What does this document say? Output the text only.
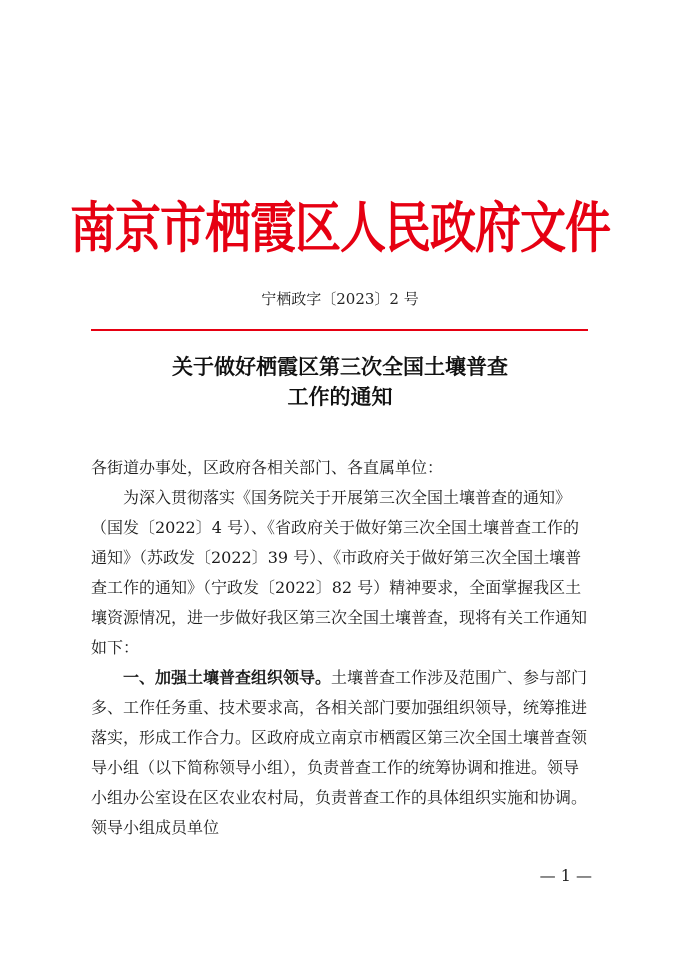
南京市栖霞区人民政府文件
宁栖政字〔2023〕2 号
关于做好栖霞区第三次全国土壤普查
工作的通知

各街道办事处，区政府各相关部门、各直属单位：

为深入贯彻落实《国务院关于开展第三次全国土壤普查的通知》（国发〔2022〕4 号）、《省政府关于做好第三次全国土壤普查工作的通知》（苏政发〔2022〕39 号）、《市政府关于做好第三次全国土壤普查工作的通知》（宁政发〔2022〕82 号）精神要求，全面掌握我区土壤资源情况，进一步做好我区第三次全国土壤普查，现将有关工作通知如下：

一、加强土壤普查组织领导。土壤普查工作涉及范围广、参与部门多、工作任务重、技术要求高，各相关部门要加强组织领导，统筹推进落实，形成工作合力。区政府成立南京市栖霞区第三次全国土壤普查领导小组（以下简称领导小组），负责普查工作的统筹协调和推进。领导小组办公室设在区农业农村局，负责普查工作的具体组织实施和协调。领导小组成员单位

— 1 —
